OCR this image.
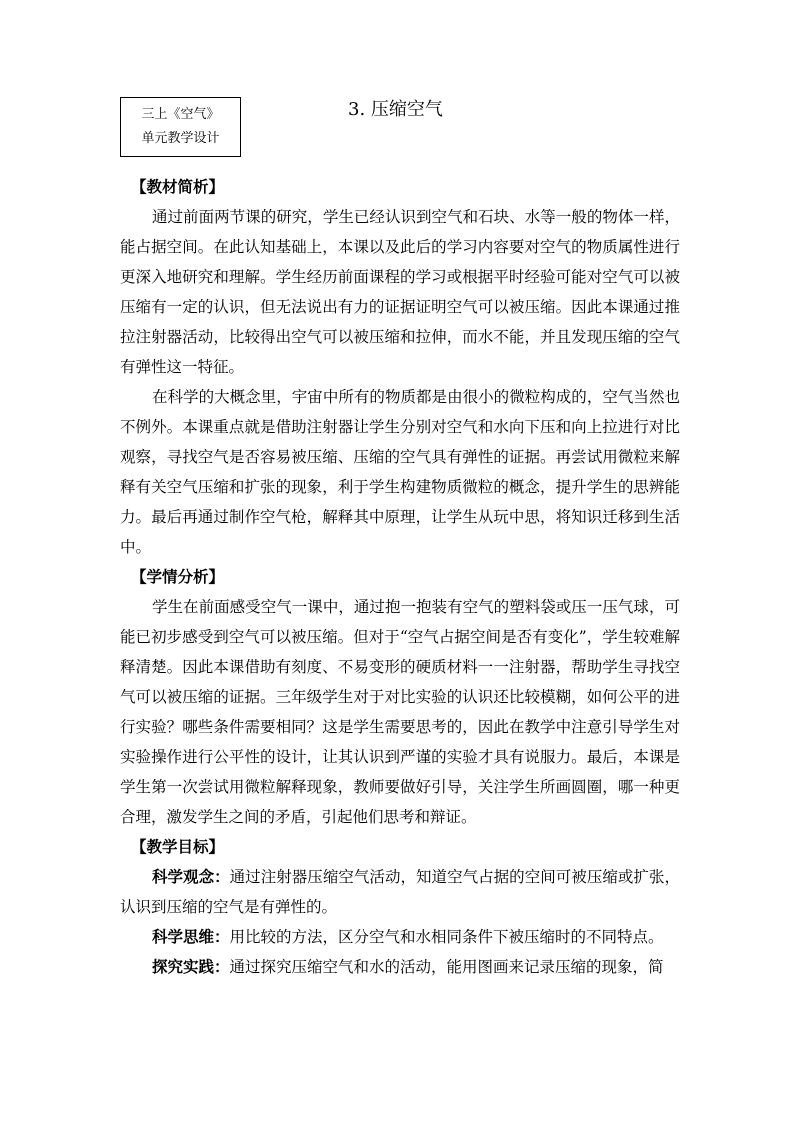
三上《空气》
单元教学设计
3. 压缩空气

【教材简析】

通过前面两节课的研究，学生已经认识到空气和石块、水等一般的物体一样，能占据空间。在此认知基础上，本课以及此后的学习内容要对空气的物质属性进行更深入地研究和理解。学生经历前面课程的学习或根据平时经验可能对空气可以被压缩有一定的认识，但无法说出有力的证据证明空气可以被压缩。因此本课通过推拉注射器活动，比较得出空气可以被压缩和拉伸，而水不能，并且发现压缩的空气有弹性这一特征。

在科学的大概念里，宇宙中所有的物质都是由很小的微粒构成的，空气当然也不例外。本课重点就是借助注射器让学生分别对空气和水向下压和向上拉进行对比观察，寻找空气是否容易被压缩、压缩的空气具有弹性的证据。再尝试用微粒来解释有关空气压缩和扩张的现象，利于学生构建物质微粒的概念，提升学生的思辨能力。最后再通过制作空气枪，解释其中原理，让学生从玩中思，将知识迁移到生活中。

【学情分析】

学生在前面感受空气一课中，通过抱一抱装有空气的塑料袋或压一压气球，可能已初步感受到空气可以被压缩。但对于“空气占据空间是否有变化”，学生较难解释清楚。因此本课借助有刻度、不易变形的硬质材料一一注射器，帮助学生寻找空气可以被压缩的证据。三年级学生对于对比实验的认识还比较模糊，如何公平的进行实验？哪些条件需要相同？这是学生需要思考的，因此在教学中注意引导学生对实验操作进行公平性的设计，让其认识到严谨的实验才具有说服力。最后，本课是学生第一次尝试用微粒解释现象，教师要做好引导，关注学生所画圆圈，哪一种更合理，激发学生之间的矛盾，引起他们思考和辩证。

【教学目标】

科学观念：通过注射器压缩空气活动，知道空气占据的空间可被压缩或扩张，认识到压缩的空气是有弹性的。

科学思维：用比较的方法，区分空气和水相同条件下被压缩时的不同特点。

探究实践：通过探究压缩空气和水的活动，能用图画来记录压缩的现象，简
